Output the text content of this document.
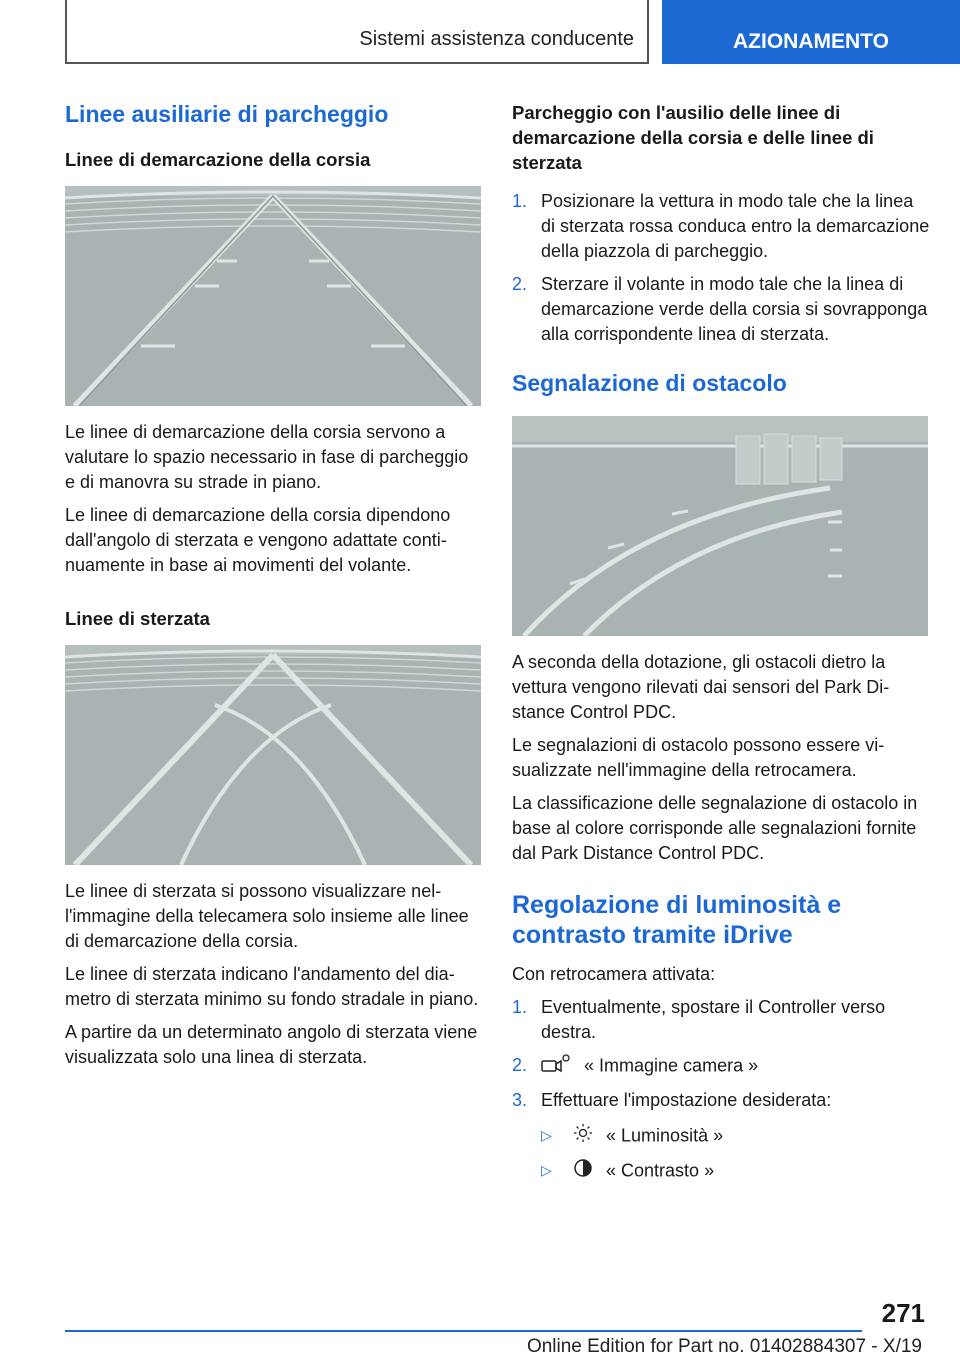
Sistemi assistenza conducente	AZIONAMENTO
Linee ausiliarie di parcheggio
Linee di demarcazione della corsia

Le linee di demarcazione della corsia servono a valutare lo spazio necessario in fase di parcheggio e di manovra su strade in piano.

Le linee di demarcazione della corsia dipendono dall'angolo di sterzata e vengono adattate continuamente in base ai movimenti del volante.

Linee di sterzata

Le linee di sterzata si possono visualizzare nell'immagine della telecamera solo insieme alle linee di demarcazione della corsia.

Le linee di sterzata indicano l'andamento del diametro di sterzata minimo su fondo stradale in piano.

A partire da un determinato angolo di sterzata viene visualizzata solo una linea di sterzata.

Parcheggio con l'ausilio delle linee di demarcazione della corsia e delle linee di sterzata
1. Posizionare la vettura in modo tale che la linea di sterzata rossa conduca entro la demarcazione della piazzola di parcheggio.
2. Sterzare il volante in modo tale che la linea di demarcazione verde della corsia si sovrapponga alla corrispondente linea di sterzata.
Segnalazione di ostacolo

A seconda della dotazione, gli ostacoli dietro la vettura vengono rilevati dai sensori del Park Distance Control PDC.

Le segnalazioni di ostacolo possono essere visualizzate nell'immagine della retrocamera.

La classificazione delle segnalazione di ostacolo in base al colore corrisponde alle segnalazioni fornite dal Park Distance Control PDC.

Regolazione di luminosità e contrasto tramite iDrive

Con retrocamera attivata:

1. Eventualmente, spostare il Controller verso destra.
2.	« Immagine camera »
3. Effettuare l'impostazione desiderata:
▷	« Luminosità »
▷	« Contrasto »
271
Online Edition for Part no. 01402884307 - X/19
